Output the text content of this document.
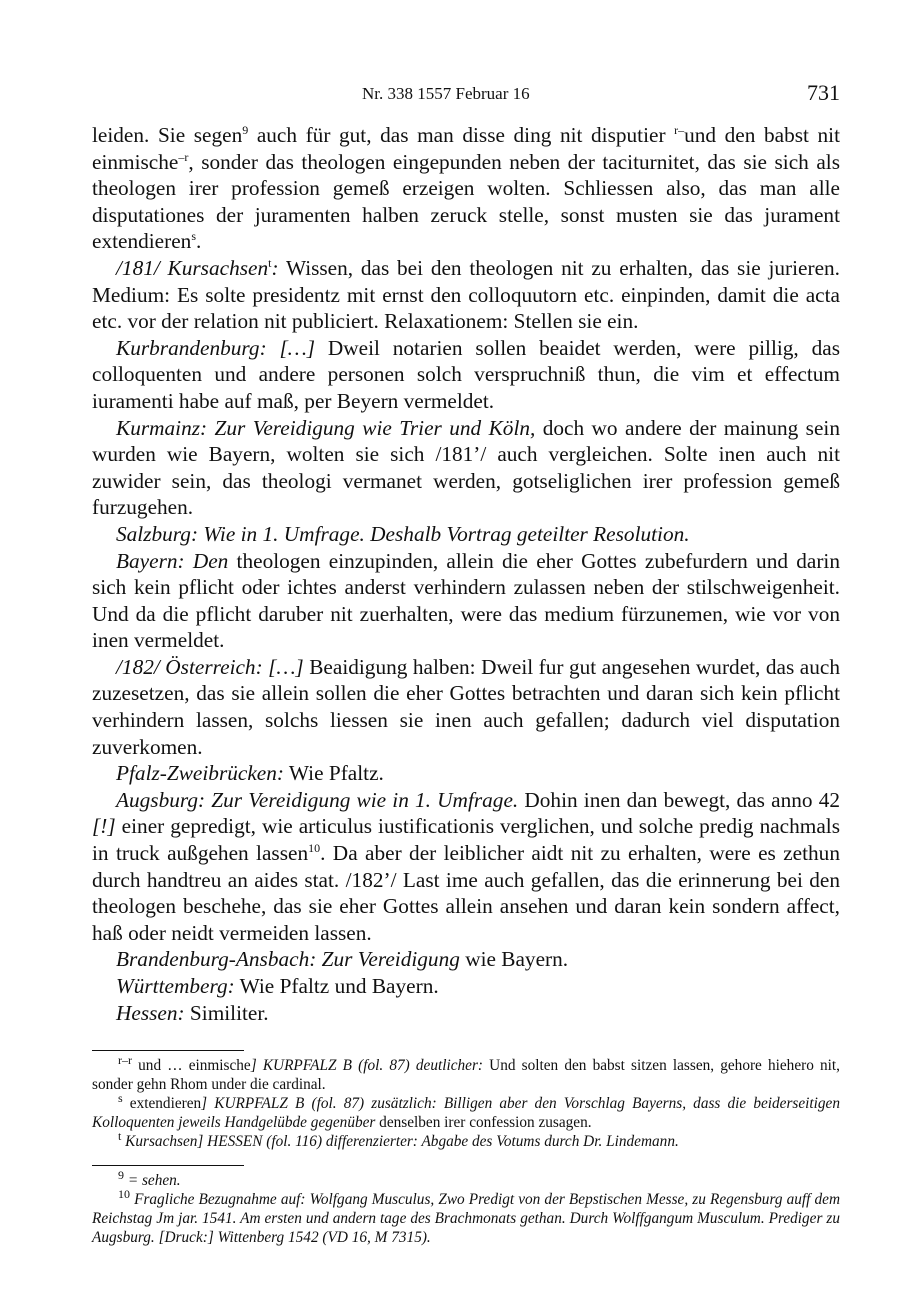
Nr. 338 1557 Februar 16	731

leiden. Sie segen$^9$ auch für gut, das man disse ding nit disputier $^{r-}$und den babst nit einmische$^{-r}$, sonder das theologen eingepunden neben der taciturnitet, das sie sich als theologen irer profession gemeß erzeigen wolten. Schliessen also, das man alle disputationes der juramenten halben zeruck stelle, sonst musten sie das jurament extendieren$^s$.

/181/ Kursachsen$^t$: Wissen, das bei den theologen nit zu erhalten, das sie jurieren. Medium: Es solte presidentz mit ernst den colloquutorn etc. einpinden, damit die acta etc. vor der relation nit publiciert. Relaxationem: Stellen sie ein.

Kurbrandenburg: […] Dweil notarien sollen beaidet werden, were pillig, das colloquenten und andere personen solch verspruchniß thun, die vim et effectum iuramenti habe auf maß, per Beyern vermeldet.

Kurmainz: Zur Vereidigung wie Trier und Köln, doch wo andere der mainung sein wurden wie Bayern, wolten sie sich /181’/ auch vergleichen. Solte inen auch nit zuwider sein, das theologi vermanet werden, gotseliglichen irer profession gemeß furzugehen.

Salzburg: Wie in 1. Umfrage. Deshalb Vortrag geteilter Resolution.

Bayern: Den theologen einzupinden, allein die eher Gottes zubefurdern und darin sich kein pflicht oder ichtes anderst verhindern zulassen neben der stilschweigenheit. Und da die pflicht daruber nit zuerhalten, were das medium fürzunemen, wie vor von inen vermeldet.

/182/ Österreich: […] Beaidigung halben: Dweil fur gut angesehen wurdet, das auch zuzesetzen, das sie allein sollen die eher Gottes betrachten und daran sich kein pflicht verhindern lassen, solchs liessen sie inen auch gefallen; dadurch viel disputation zuverkomen.

Pfalz-Zweibrücken: Wie Pfaltz.

Augsburg: Zur Vereidigung wie in 1. Umfrage. Dohin inen dan bewegt, das anno 42 [!] einer gepredigt, wie articulus iustificationis verglichen, und solche predig nachmals in truck außgehen lassen$^{10}$. Da aber der leiblicher aidt nit zu erhalten, were es zethun durch handtreu an aides stat. /182’/ Last ime auch gefallen, das die erinnerung bei den theologen beschehe, das sie eher Gottes allein ansehen und daran kein sondern affect, haß oder neidt vermeiden lassen.

Brandenburg-Ansbach: Zur Vereidigung wie Bayern.

Württemberg: Wie Pfaltz und Bayern.

Hessen: Similiter.

$^{r-r}$ und … einmische] KURPFALZ B (fol. 87) deutlicher: Und solten den babst sitzen lassen, gehore hiehero nit, sonder gehn Rhom under die cardinal.

$^s$ extendieren] KURPFALZ B (fol. 87) zusätzlich: Billigen aber den Vorschlag Bayerns, dass die beiderseitigen Kolloquenten jeweils Handgelübde gegenüber denselben irer confession zusagen.

$^t$ Kursachsen] HESSEN (fol. 116) differenzierter: Abgabe des Votums durch Dr. Lindemann.

$^9$ = sehen.

$^{10}$ Fragliche Bezugnahme auf: Wolfgang Musculus, Zwo Predigt von der Bepstischen Messe, zu Regensburg auff dem Reichstag Jm jar. 1541. Am ersten und andern tage des Brachmonats gethan. Durch Wolffgangum Musculum. Prediger zu Augsburg. [Druck:] Wittenberg 1542 (VD 16, M 7315).
